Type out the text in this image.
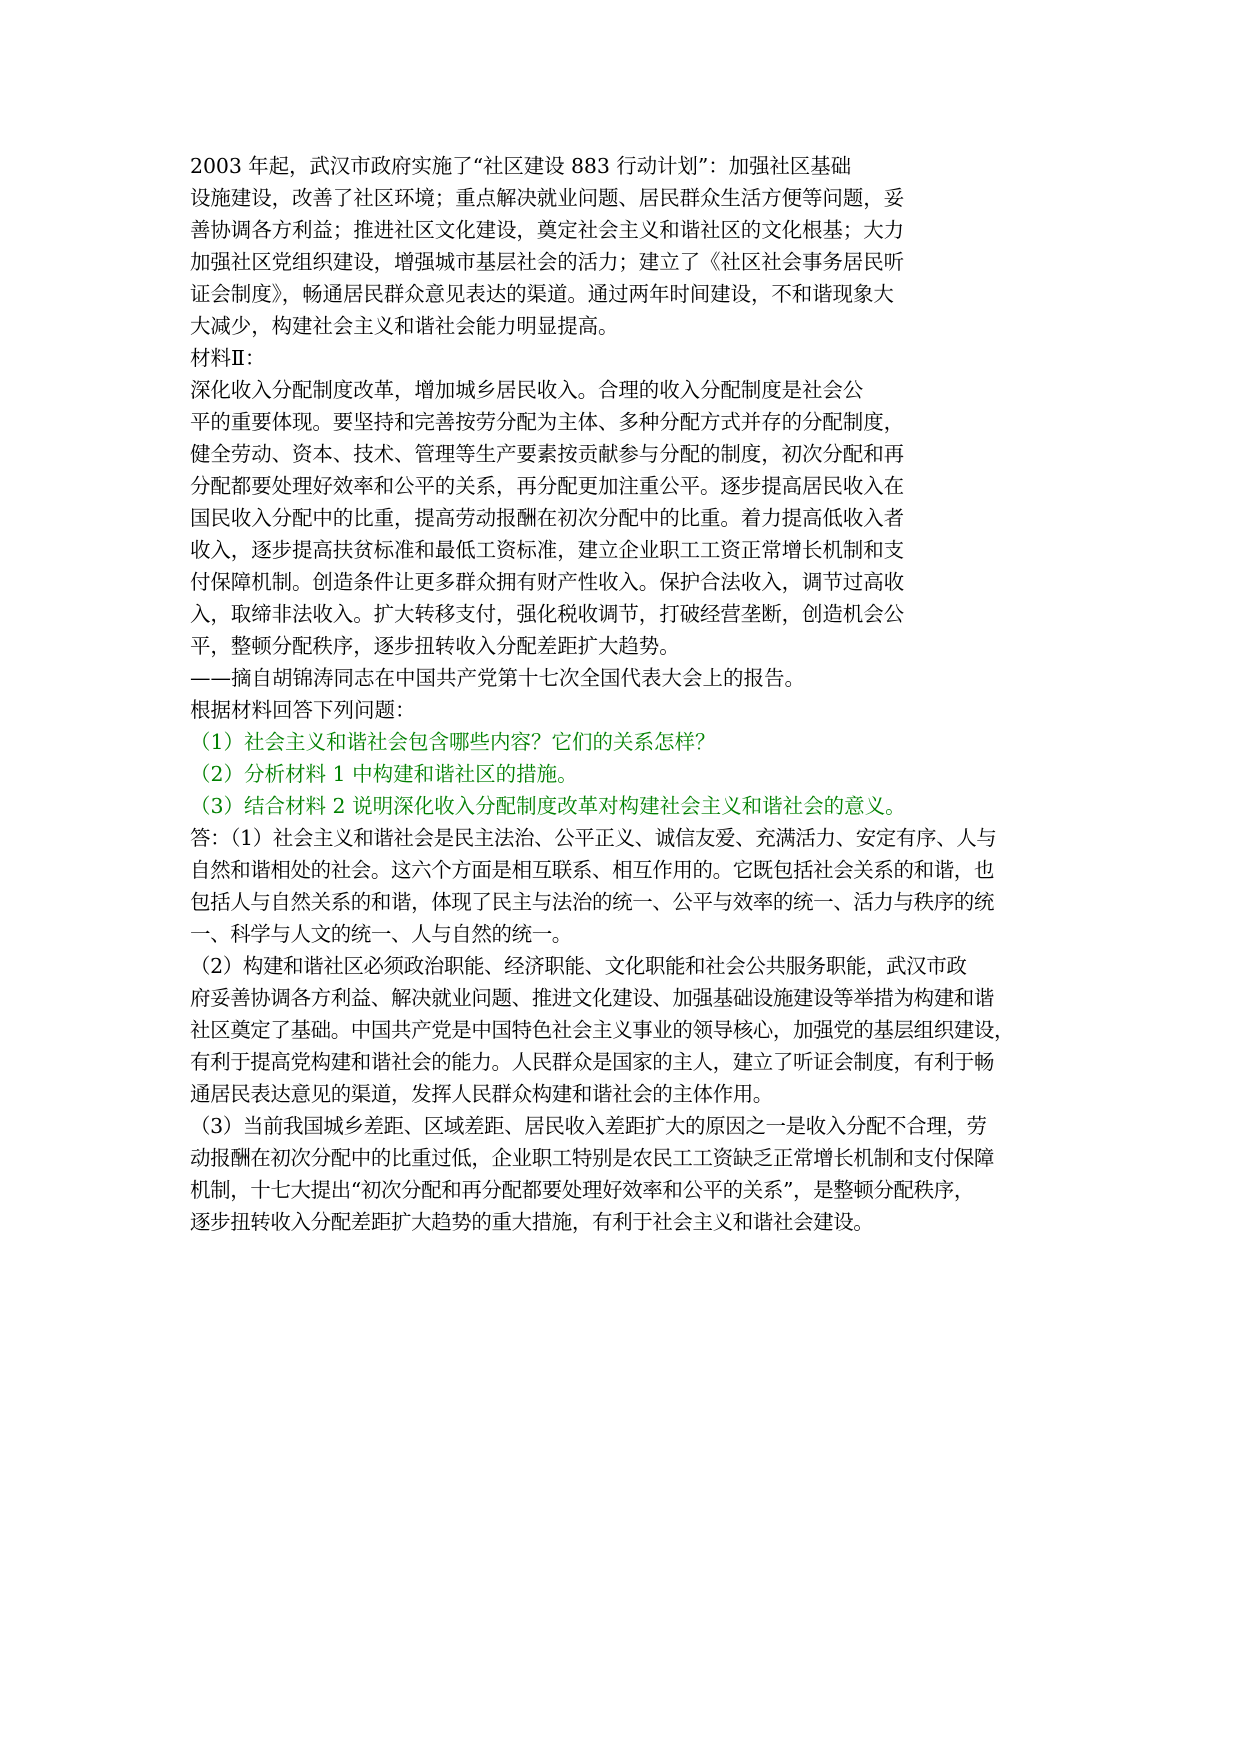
2003 年起，武汉市政府实施了“社区建设 883 行动计划”：加强社区基础
设施建设，改善了社区环境；重点解决就业问题、居民群众生活方便等问题，妥
善协调各方利益；推进社区文化建设，奠定社会主义和谐社区的文化根基；大力
加强社区党组织建设，增强城市基层社会的活力；建立了《社区社会事务居民听
证会制度》，畅通居民群众意见表达的渠道。通过两年时间建设，不和谐现象大
大减少，构建社会主义和谐社会能力明显提高。
材料Ⅱ：
深化收入分配制度改革，增加城乡居民收入。合理的收入分配制度是社会公
平的重要体现。要坚持和完善按劳分配为主体、多种分配方式并存的分配制度，
健全劳动、资本、技术、管理等生产要素按贡献参与分配的制度，初次分配和再
分配都要处理好效率和公平的关系，再分配更加注重公平。逐步提高居民收入在
国民收入分配中的比重，提高劳动报酬在初次分配中的比重。着力提高低收入者
收入，逐步提高扶贫标准和最低工资标准，建立企业职工工资正常增长机制和支
付保障机制。创造条件让更多群众拥有财产性收入。保护合法收入，调节过高收
入，取缔非法收入。扩大转移支付，强化税收调节，打破经营垄断，创造机会公
平，整顿分配秩序，逐步扭转收入分配差距扩大趋势。
——摘自胡锦涛同志在中国共产党第十七次全国代表大会上的报告。
根据材料回答下列问题：
（1）社会主义和谐社会包含哪些内容？它们的关系怎样？
（2）分析材料 1 中构建和谐社区的措施。
（3）结合材料 2 说明深化收入分配制度改革对构建社会主义和谐社会的意义。
答：（1）社会主义和谐社会是民主法治、公平正义、诚信友爱、充满活力、安定有序、人与
自然和谐相处的社会。这六个方面是相互联系、相互作用的。它既包括社会关系的和谐，也
包括人与自然关系的和谐，体现了民主与法治的统一、公平与效率的统一、活力与秩序的统
一、科学与人文的统一、人与自然的统一。
（2）构建和谐社区必须政治职能、经济职能、文化职能和社会公共服务职能，武汉市政
府妥善协调各方利益、解决就业问题、推进文化建设、加强基础设施建设等举措为构建和谐
社区奠定了基础。中国共产党是中国特色社会主义事业的领导核心，加强党的基层组织建设，
有利于提高党构建和谐社会的能力。人民群众是国家的主人，建立了听证会制度，有利于畅
通居民表达意见的渠道，发挥人民群众构建和谐社会的主体作用。
（3）当前我国城乡差距、区域差距、居民收入差距扩大的原因之一是收入分配不合理，劳
动报酬在初次分配中的比重过低，企业职工特别是农民工工资缺乏正常增长机制和支付保障
机制，十七大提出“初次分配和再分配都要处理好效率和公平的关系”，是整顿分配秩序，
逐步扭转收入分配差距扩大趋势的重大措施，有利于社会主义和谐社会建设。
